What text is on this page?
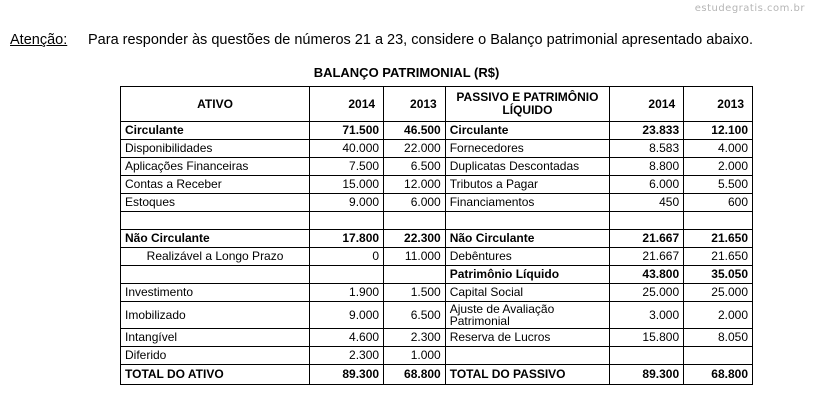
estudegratis.com.br
Atenção: Para responder às questões de números 21 a 23, considere o Balanço patrimonial apresentado abaixo.
BALANÇO PATRIMONIAL (R$)
ATIVO	2014	2013	PASSIVO E PATRIMÔNIO LÍQUIDO	2014	2013
Circulante	71.500	46.500	Circulante	23.833	12.100
Disponibilidades	40.000	22.000	Fornecedores	8.583	4.000
Aplicações Financeiras	7.500	6.500	Duplicatas Descontadas	8.800	2.000
Contas a Receber	15.000	12.000	Tributos a Pagar	6.000	5.500
Estoques	9.000	6.000	Financiamentos	450	600

Não Circulante	17.800	22.300	Não Circulante	21.667	21.650
Realizável a Longo Prazo	0	11.000	Debêntures	21.667	21.650
			Patrimônio Líquido	43.800	35.050
Investimento	1.900	1.500	Capital Social	25.000	25.000
Imobilizado	9.000	6.500	Ajuste de Avaliação Patrimonial	3.000	2.000
Intangível	4.600	2.300	Reserva de Lucros	15.800	8.050
Diferido	2.300	1.000			
TOTAL DO ATIVO	89.300	68.800	TOTAL DO PASSIVO	89.300	68.800
